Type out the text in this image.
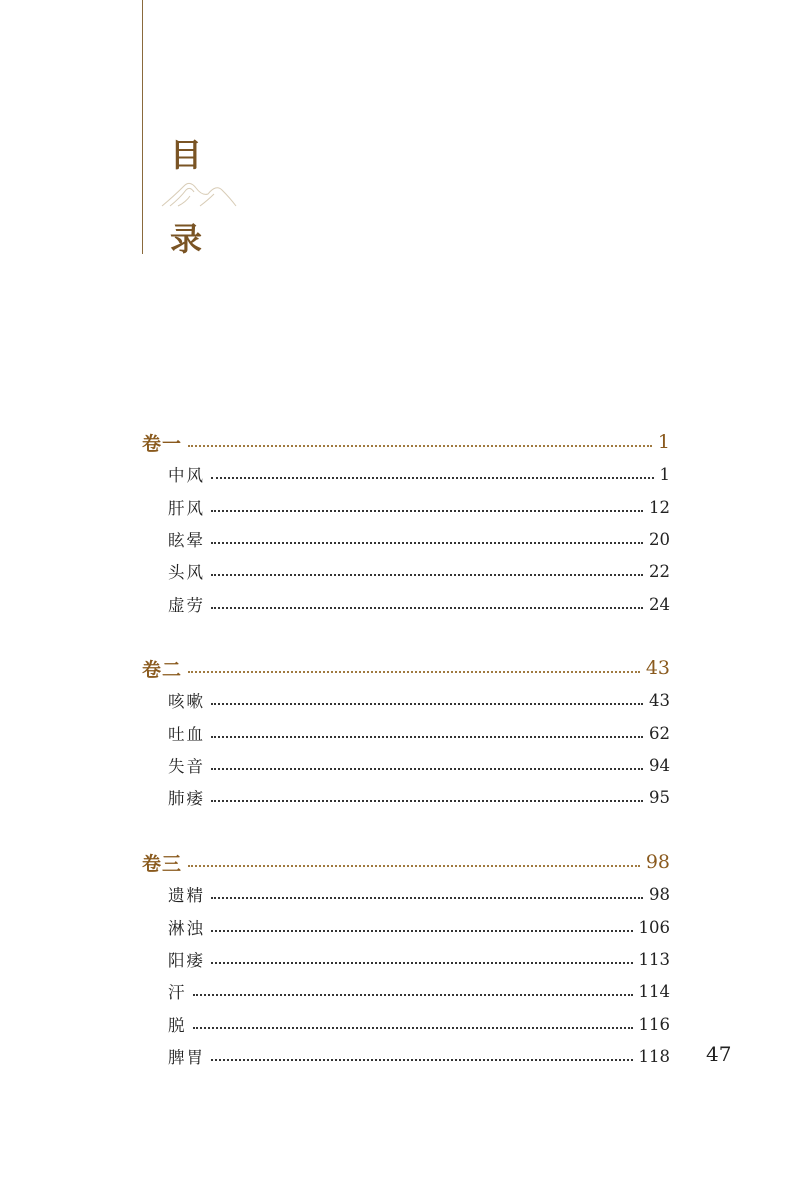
目
录
卷一	1
中风	1
肝风	12
眩晕	20
头风	22
虚劳	24
卷二	43
咳嗽	43
吐血	62
失音	94
肺痿	95
卷三	98
遗精	98
淋浊	106
阳痿	113
汗	114
脱	116
脾胃	118 47
